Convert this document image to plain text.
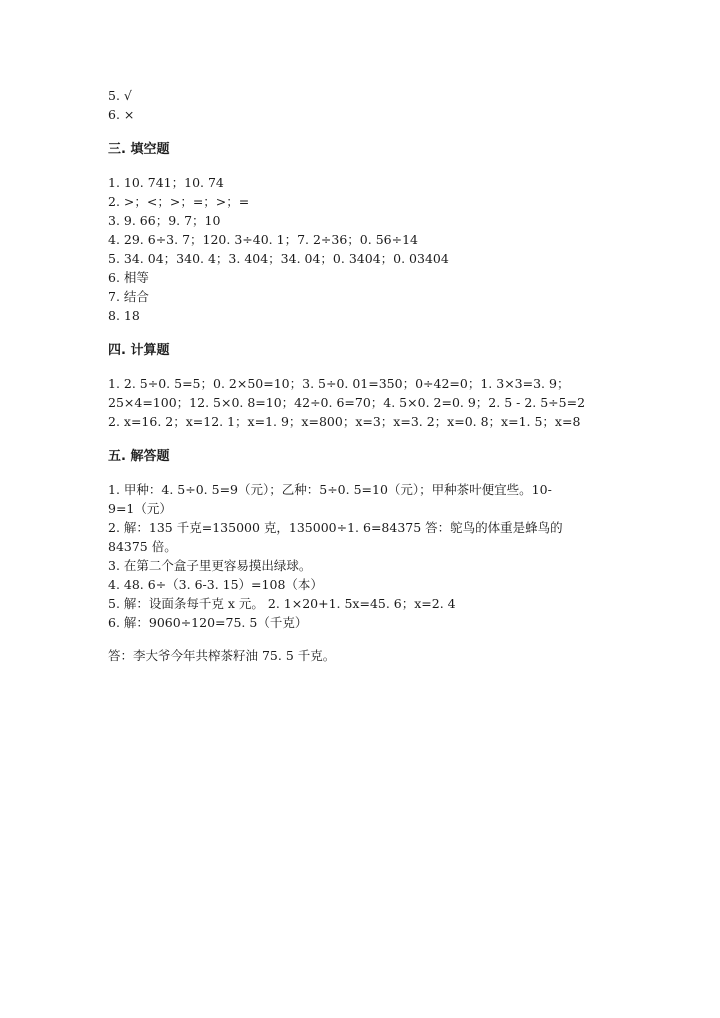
5. √
6. ×
三. 填空题
1. 10. 741；10. 74
2. >；<；>；=；>；=
3. 9. 66；9. 7；10
4. 29. 6÷3. 7；120. 3÷40. 1；7. 2÷36；0. 56÷14
5. 34. 04；340. 4；3. 404；34. 04；0. 3404；0. 03404
6. 相等
7. 结合
8. 18
四. 计算题
1. 2. 5÷0. 5=5；0. 2×50=10；3. 5÷0. 01=350；0÷42=0；1. 3×3=3. 9；
25×4=100；12. 5×0. 8=10；42÷0. 6=70；4. 5×0. 2=0. 9；2. 5 - 2. 5÷5=2
2. x=16. 2；x=12. 1；x=1. 9；x=800；x=3；x=3. 2；x=0. 8；x=1. 5；x=8
五. 解答题
1. 甲种：4. 5÷0. 5=9（元）；乙种：5÷0. 5=10（元）；甲种茶叶便宜些。10-
9=1（元）
2. 解：135 千克=135000 克，135000÷1. 6=84375 答：鸵鸟的体重是蜂鸟的
84375 倍。
3. 在第二个盒子里更容易摸出绿球。
4. 48. 6÷（3. 6-3. 15）=108（本）
5. 解：设面条每千克 x 元。 2. 1×20+1. 5x=45. 6；x=2. 4
6. 解：9060÷120=75. 5（千克）
答：李大爷今年共榨茶籽油 75. 5 千克。
